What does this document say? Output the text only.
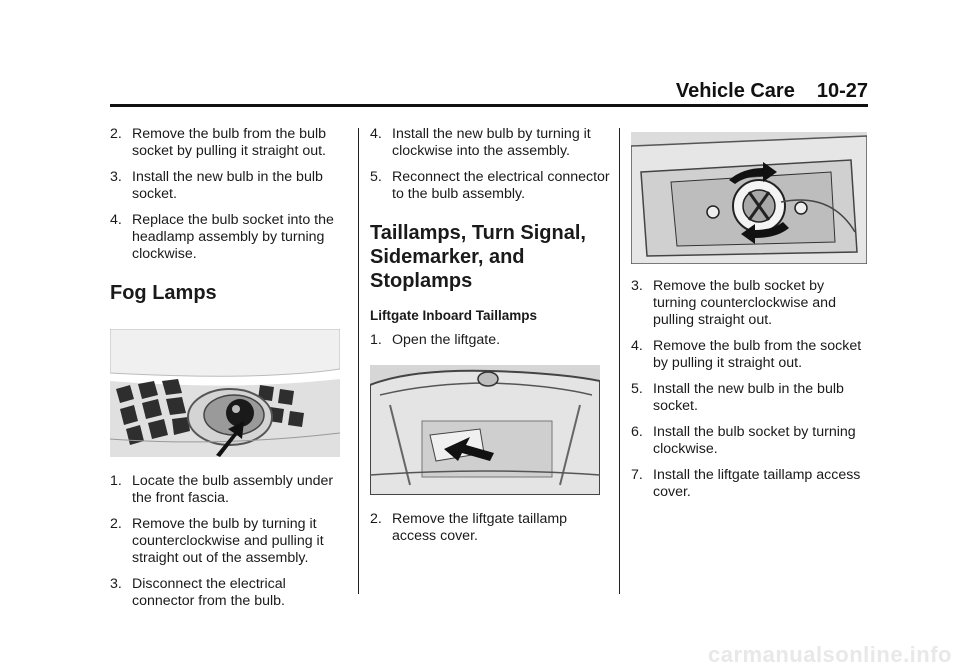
Vehicle Care 10-27
2. Remove the bulb from the bulb socket by pulling it straight out.
3. Install the new bulb in the bulb socket.
4. Replace the bulb socket into the headlamp assembly by turning clockwise.
Fog Lamps
1. Locate the bulb assembly under the front fascia.
2. Remove the bulb by turning it counterclockwise and pulling it straight out of the assembly.
3. Disconnect the electrical connector from the bulb.
4. Install the new bulb by turning it clockwise into the assembly.
5. Reconnect the electrical connector to the bulb assembly.
Taillamps, Turn Signal, Sidemarker, and Stoplamps
Liftgate Inboard Taillamps
1. Open the liftgate.
2. Remove the liftgate taillamp access cover.
3. Remove the bulb socket by turning counterclockwise and pulling straight out.
4. Remove the bulb from the socket by pulling it straight out.
5. Install the new bulb in the bulb socket.
6. Install the bulb socket by turning clockwise.
7. Install the liftgate taillamp access cover.
carmanualsonline.info
